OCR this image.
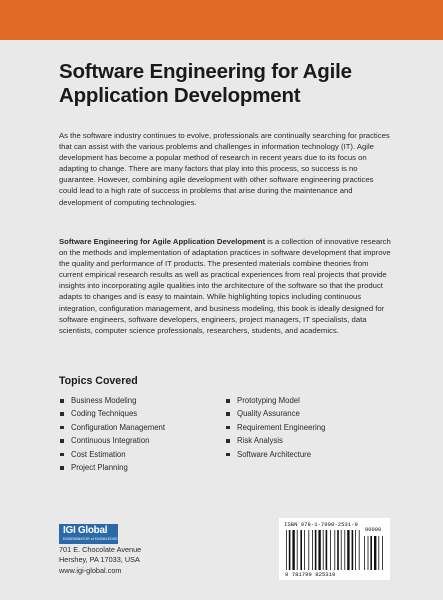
Software Engineering for Agile Application Development

As the software industry continues to evolve, professionals are continually searching for practices that can assist with the various problems and challenges in information technology (IT). Agile development has become a popular method of research in recent years due to its focus on adapting to change. There are many factors that play into this process, so success is no guarantee. However, combining agile development with other software engineering practices could lead to a high rate of success in problems that arise during the maintenance and development of computing technologies.

Software Engineering for Agile Application Development is a collection of innovative research on the methods and implementation of adaptation practices in software development that improve the quality and performance of IT products. The presented materials combine theories from current empirical research results as well as practical experiences from real projects that provide insights into incorporating agile qualities into the architecture of the software so that the product adapts to changes and is easy to maintain. While highlighting topics including continuous integration, configuration management, and business modeling, this book is ideally designed for software engineers, software developers, engineers, project managers, IT specialists, data scientists, computer science professionals, researchers, students, and academics.

Topics Covered
Business Modeling
Coding Techniques
Configuration Management
Continuous Integration
Cost Estimation
Project Planning
Prototyping Model
Quality Assurance
Requirement Engineering
Risk Analysis
Software Architecture
IGI Global
DISSEMINATOR of KNOWLEDGE

701 E. Chocolate Avenue
Hershey, PA 17033, USA
www.igi-global.com

ISBN 978-1-7998-2531-9

90000

9 781799 825319
